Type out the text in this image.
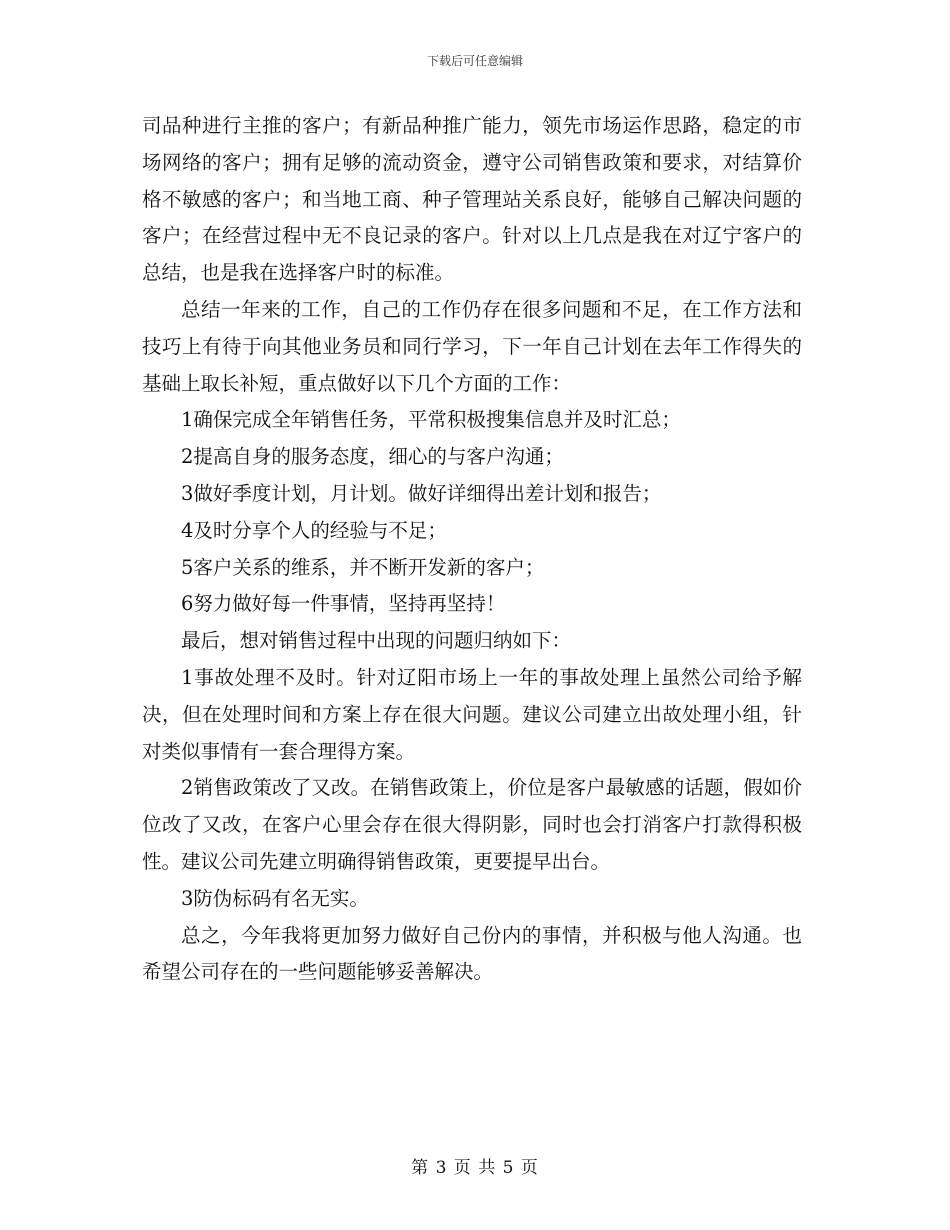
下载后可任意编辑

司品种进行主推的客户；有新品种推广能力，领先市场运作思路，稳定的市场网络的客户；拥有足够的流动资金，遵守公司销售政策和要求，对结算价格不敏感的客户；和当地工商、种子管理站关系良好，能够自己解决问题的客户；在经营过程中无不良记录的客户。针对以上几点是我在对辽宁客户的总结，也是我在选择客户时的标准。

总结一年来的工作，自己的工作仍存在很多问题和不足，在工作方法和技巧上有待于向其他业务员和同行学习，下一年自己计划在去年工作得失的基础上取长补短，重点做好以下几个方面的工作：

1确保完成全年销售任务，平常积极搜集信息并及时汇总；

2提高自身的服务态度，细心的与客户沟通；

3做好季度计划，月计划。做好详细得出差计划和报告；

4及时分享个人的经验与不足；

5客户关系的维系，并不断开发新的客户；

6努力做好每一件事情，坚持再坚持！

最后，想对销售过程中出现的问题归纳如下：

1事故处理不及时。针对辽阳市场上一年的事故处理上虽然公司给予解决，但在处理时间和方案上存在很大问题。建议公司建立出故处理小组，针对类似事情有一套合理得方案。

2销售政策改了又改。在销售政策上，价位是客户最敏感的话题，假如价位改了又改，在客户心里会存在很大得阴影，同时也会打消客户打款得积极性。建议公司先建立明确得销售政策，更要提早出台。

3防伪标码有名无实。

总之，今年我将更加努力做好自己份内的事情，并积极与他人沟通。也希望公司存在的一些问题能够妥善解决。

第 3 页 共 5 页
